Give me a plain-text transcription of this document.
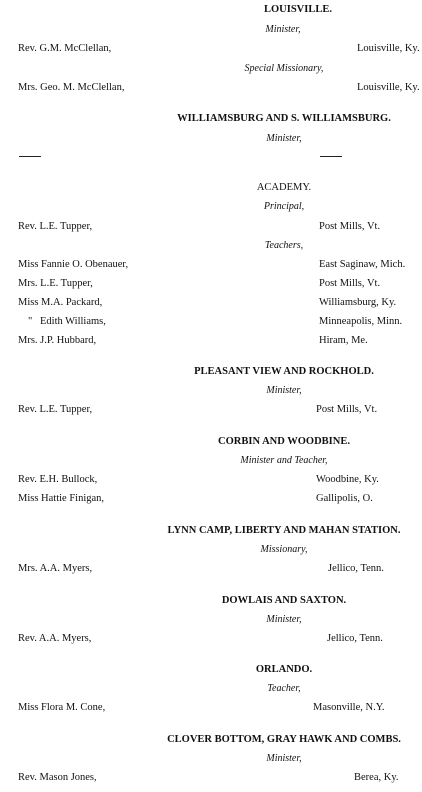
LOUISVILLE.
Minister,
Rev. G.M. McClellan,	Louisville, Ky.
Special Missionary,
Mrs. Geo. M. McClellan,	Louisville, Ky.
WILLIAMSBURG AND S. WILLIAMSBURG.
Minister,
ACADEMY.
Principal,
Rev. L.E. Tupper,	Post Mills, Vt.
Teachers,
Miss Fannie O. Obenauer,	East Saginaw, Mich.
Mrs. L.E. Tupper,	Post Mills, Vt.
Miss M.A. Packard,	Williamsburg, Ky.
" Edith Williams,	Minneapolis, Minn.
Mrs. J.P. Hubbard,	Hiram, Me.
PLEASANT VIEW AND ROCKHOLD.
Minister,
Rev. L.E. Tupper,	Post Mills, Vt.
CORBIN AND WOODBINE.
Minister and Teacher,
Rev. E.H. Bullock,	Woodbine, Ky.
Miss Hattie Finigan,	Gallipolis, O.
LYNN CAMP, LIBERTY AND MAHAN STATION.
Missionary,
Mrs. A.A. Myers,	Jellico, Tenn.
DOWLAIS AND SAXTON.
Minister,
Rev. A.A. Myers,	Jellico, Tenn.
ORLANDO.
Teacher,
Miss Flora M. Cone,	Masonville, N.Y.
CLOVER BOTTOM, GRAY HAWK AND COMBS.
Minister,
Rev. Mason Jones,	Berea, Ky.
